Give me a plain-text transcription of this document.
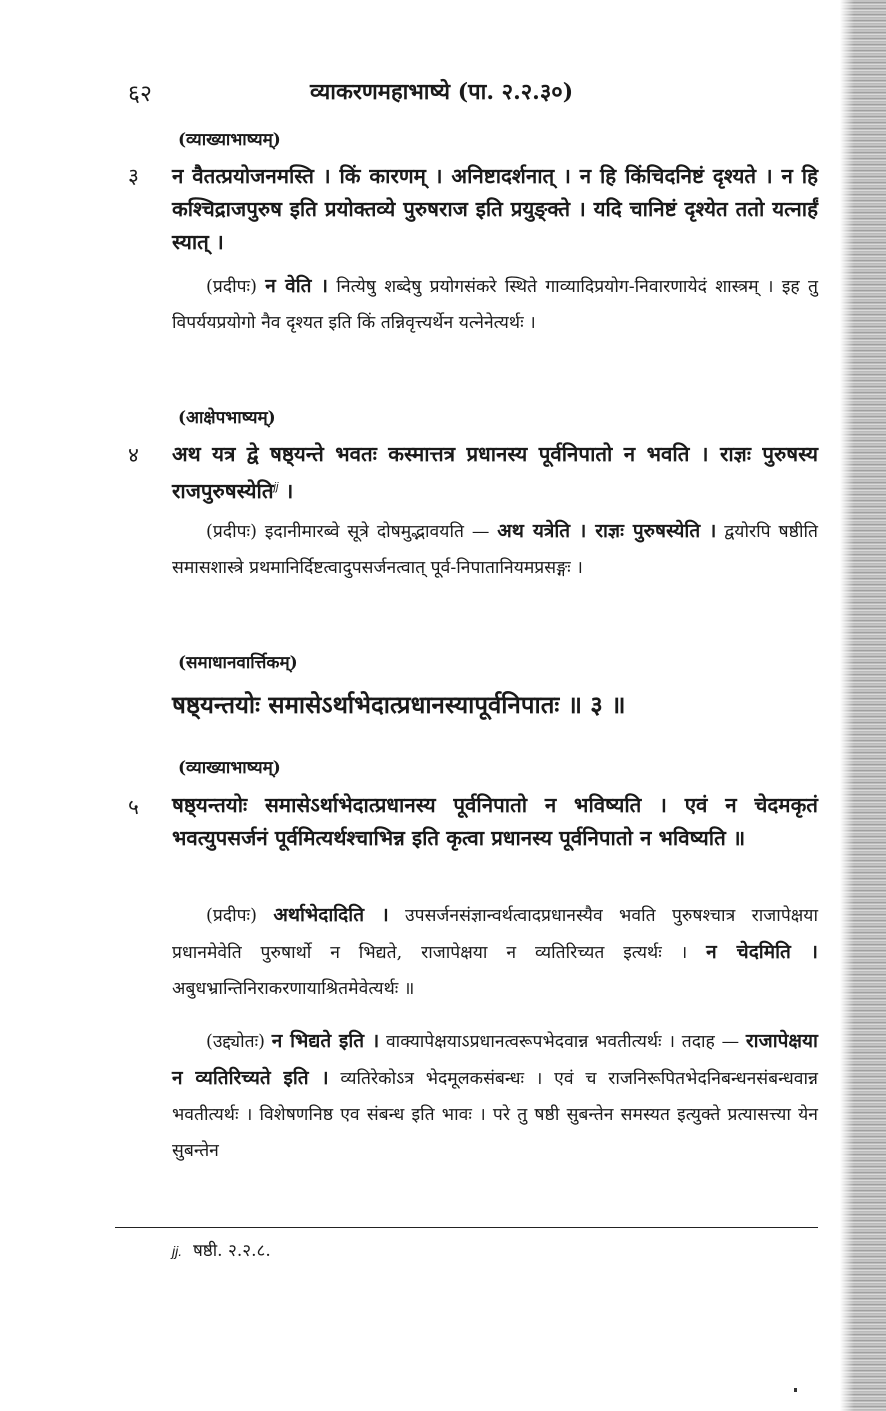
६२	व्याकरणमहाभाष्ये (पा. २.२.३०)
(व्याख्याभाष्यम्)
३ न वैतत्प्रयोजनमस्ति । किं कारणम् । अनिष्टादर्शनात् । न हि किंचिदनिष्टं दृश्यते । न हि कश्चिद्राजपुरुष इति प्रयोक्तव्ये पुरुषराज इति प्रयुङ्क्ते । यदि चानिष्टं दृश्येत ततो यत्नार्हं स्यात् ।
(प्रदीपः) न वेति । नित्येषु शब्देषु प्रयोगसंकरे स्थिते गाव्यादिप्रयोग-निवारणायेदं शास्त्रम् । इह तु विपर्ययप्रयोगो नैव दृश्यत इति किं तन्निवृत्त्यर्थेन यत्नेनेत्यर्थः ।
(आक्षेपभाष्यम्)
४ अथ यत्र द्वे षष्ठ्यन्ते भवतः कस्मात्तत्र प्रधानस्य पूर्वनिपातो न भवति । राज्ञः पुरुषस्य राजपुरुषस्येति$^{jj}$ ।
(प्रदीपः) इदानीमारब्वे सूत्रे दोषमुद्भावयति — अथ यत्रेति । राज्ञः पुरुषस्येति । द्वयोरपि षष्ठीति समासशास्त्रे प्रथमानिर्दिष्टत्वादुपसर्जनत्वात् पूर्व-निपातानियमप्रसङ्गः ।
(समाधानवार्त्तिकम्)
षष्ठ्यन्तयोः समासेऽर्थाभेदात्प्रधानस्यापूर्वनिपातः ॥ ३ ॥
(व्याख्याभाष्यम्)
५ षष्ठ्यन्तयोः समासेऽर्थाभेदात्प्रधानस्य पूर्वनिपातो न भविष्यति । एवं न चेदमकृतं भवत्युपसर्जनं पूर्वमित्यर्थश्चाभिन्न इति कृत्वा प्रधानस्य पूर्वनिपातो न भविष्यति ॥
(प्रदीपः) अर्थाभेदादिति । उपसर्जनसंज्ञान्वर्थत्वादप्रधानस्यैव भवति पुरुषश्चात्र राजापेक्षया प्रधानमेवेति पुरुषार्थो न भिद्यते, राजापेक्षया न व्यतिरिच्यत इत्यर्थः । न चेदमिति । अबुधभ्रान्तिनिराकरणायाश्रितमेवेत्यर्थः ॥
(उद्द्योतः) न भिद्यते इति । वाक्यापेक्षयाऽप्रधानत्वरूपभेदवान्न भवतीत्यर्थः । तदाह — राजापेक्षया न व्यतिरिच्यते इति । व्यतिरेकोऽत्र भेदमूलकसंबन्धः । एवं च राजनिरूपितभेदनिबन्धनसंबन्धवान्न भवतीत्यर्थः । विशेषणनिष्ठ एव संबन्ध इति भावः । परे तु षष्ठी सुबन्तेन समस्यत इत्युक्ते प्रत्यासत्त्या येन सुबन्तेन
jj. षष्ठी. २.२.८.
